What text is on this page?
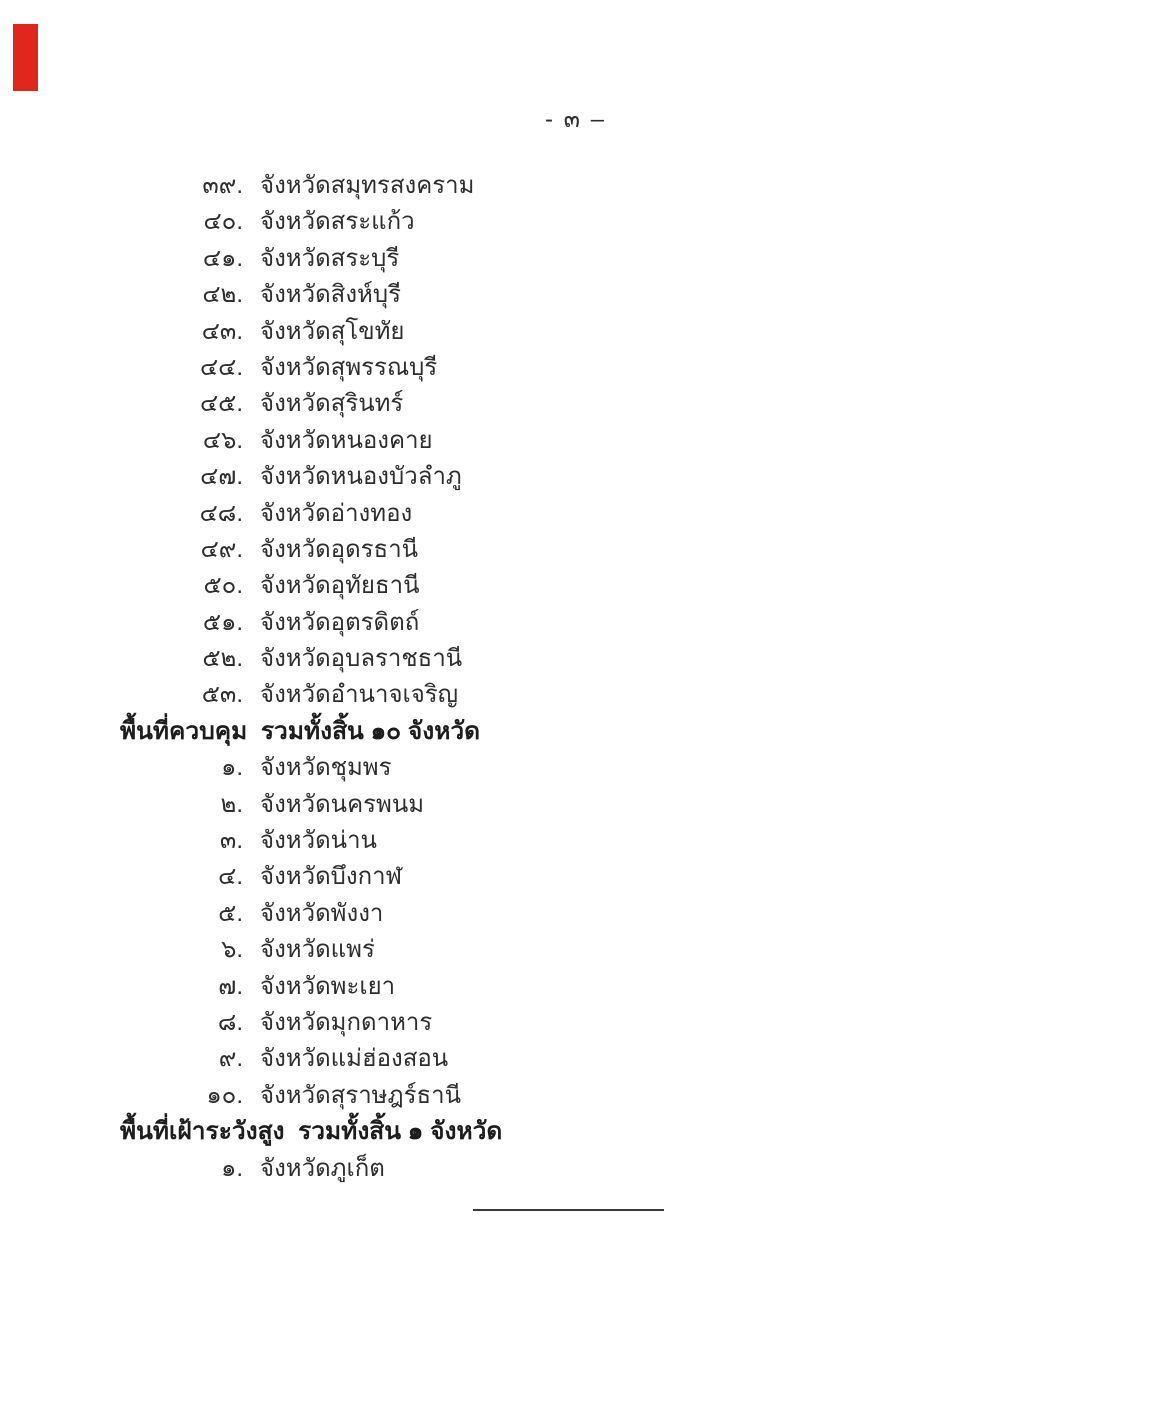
- ๓ –
๓๙. จังหวัดสมุทรสงคราม
๔๐. จังหวัดสระแก้ว
๔๑. จังหวัดสระบุรี
๔๒. จังหวัดสิงห์บุรี
๔๓. จังหวัดสุโขทัย
๔๔. จังหวัดสุพรรณบุรี
๔๕. จังหวัดสุรินทร์
๔๖. จังหวัดหนองคาย
๔๗. จังหวัดหนองบัวลำภู
๔๘. จังหวัดอ่างทอง
๔๙. จังหวัดอุดรธานี
๕๐. จังหวัดอุทัยธานี
๕๑. จังหวัดอุตรดิตถ์
๕๒. จังหวัดอุบลราชธานี
๕๓. จังหวัดอำนาจเจริญ
พื้นที่ควบคุม  รวมทั้งสิ้น ๑๐ จังหวัด
๑. จังหวัดชุมพร
๒. จังหวัดนครพนม
๓. จังหวัดน่าน
๔. จังหวัดบึงกาฬ
๕. จังหวัดพังงา
๖. จังหวัดแพร่
๗. จังหวัดพะเยา
๘. จังหวัดมุกดาหาร
๙. จังหวัดแม่ฮ่องสอน
๑๐. จังหวัดสุราษฎร์ธานี
พื้นที่เฝ้าระวังสูง  รวมทั้งสิ้น ๑ จังหวัด
๑. จังหวัดภูเก็ต
